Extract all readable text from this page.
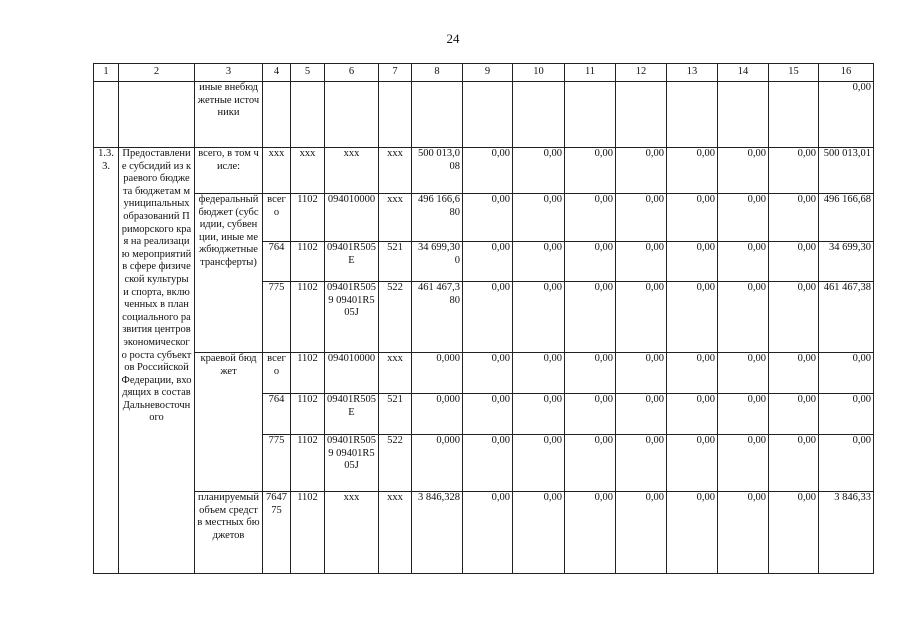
24
1	2	3	4	5	6	7	8	9	10	11	12	13	14	15	16
		иные внебюджетные источники													0,00
1.3.3.	Предоставление субсидий из краевого бюджета бюджетам муниципальных образований Приморского края на реализацию мероприятий в сфере физической культуры и спорта, включенных в план социального развития центров экономического роста субъектов Российской Федерации, входящих в состав Дальневосточного	всего, в том числе:	ххх	ххх	ххх	ххх	500 013,008	0,00	0,00	0,00	0,00	0,00	0,00	0,00	500 013,01
		федеральный бюджет (субсидии, субвенции, иные межбюджетные трансферты)	всего	1102	094010000	ххх	496 166,680	0,00	0,00	0,00	0,00	0,00	0,00	0,00	496 166,68
			764	1102	09401R505E	521	34 699,300	0,00	0,00	0,00	0,00	0,00	0,00	0,00	34 699,30
			775	1102	09401R5059 09401R505J	522	461 467,380	0,00	0,00	0,00	0,00	0,00	0,00	0,00	461 467,38
		краевой бюджет	всего	1102	094010000	ххх	0,000	0,00	0,00	0,00	0,00	0,00	0,00	0,00	0,00
			764	1102	09401R505E	521	0,000	0,00	0,00	0,00	0,00	0,00	0,00	0,00	0,00
			775	1102	09401R5059 09401R505J	522	0,000	0,00	0,00	0,00	0,00	0,00	0,00	0,00	0,00
		планируемый объем средств местных бюджетов	764775	1102	ххх	ххх	3 846,328	0,00	0,00	0,00	0,00	0,00	0,00	0,00	3 846,33
